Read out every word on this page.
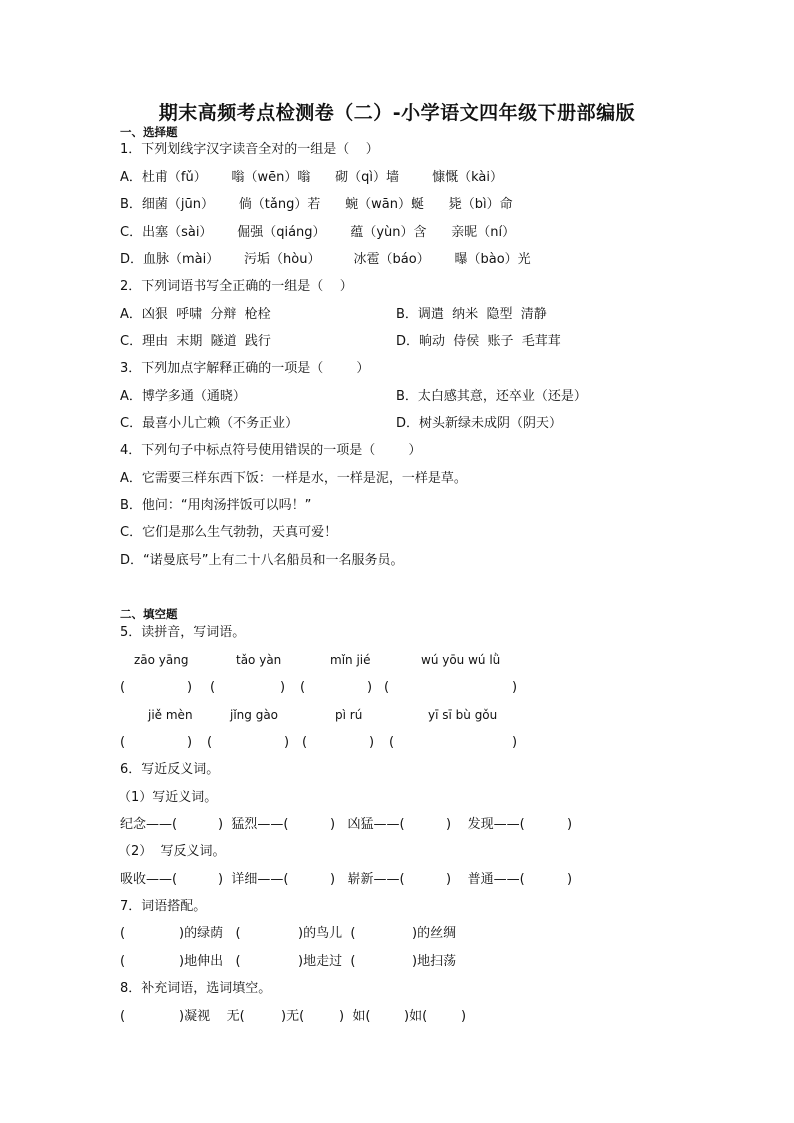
期末高频考点检测卷（二）-小学语文四年级下册部编版
一、选择题
1．下列划线字汉字读音全对的一组是（    ）
A．杜甫（fǔ）      嗡（wēn）嗡      砌（qì）墙        慷慨（kài）
B．细菌（jūn）      倘（tǎng）若      蜿（wān）蜒      毙（bì）命
C．出塞（sài）      倔强（qiáng）      蕴（yùn）含      亲昵（ní）
D．血脉（mài）      污垢（hòu）        冰雹（báo）      曝（bào）光
2．下列词语书写全正确的一组是（    ）
A．凶狠  呼啸  分辩  枪栓	B．调遣  纳米  隐型  清静
C．理由  末期  隧道  践行	D．晌动  侍侯  账子  毛茸茸
3．下列加点字解释正确的一项是（        ）
A．博学多通（通晓）	B．太白感其意，还卒业（还是）
C．最喜小儿亡赖（不务正业）	D．树头新绿未成阴（阴天）
4．下列句子中标点符号使用错误的一项是（        ）
A．它需要三样东西下饭：一样是水，一样是泥，一样是草。
B．他问：“用肉汤拌饭可以吗！”
C．它们是那么生气勃勃，天真可爱！
D．“诺曼底号”上有二十八名船员和一名服务员。
二、填空题
5．读拼音，写词语。
zāo yāng	tǎo yàn	mǐn jié	wú yōu wú lǜ
(	) (	) (	) (	)
jiě mèn	jǐng gào	pì rú	yī sī bù gǒu
(	) (	) (	) (	)
6．写近反义词。
（1）写近义词。
纪念——(	)  猛烈——(	)   凶猛——(	)    发现——(	)
（2）  写反义词。
吸收——(	)  详细——(	)   崭新——(	)    普通——(	)
7．词语搭配。
(	)的绿荫   (	)的鸟儿  (	)的丝绸
(	)地伸出   (	)地走过  (	)地扫荡
8．补充词语，选词填空。
(	)凝视    无(	)无(	)  如(	)如(	)
